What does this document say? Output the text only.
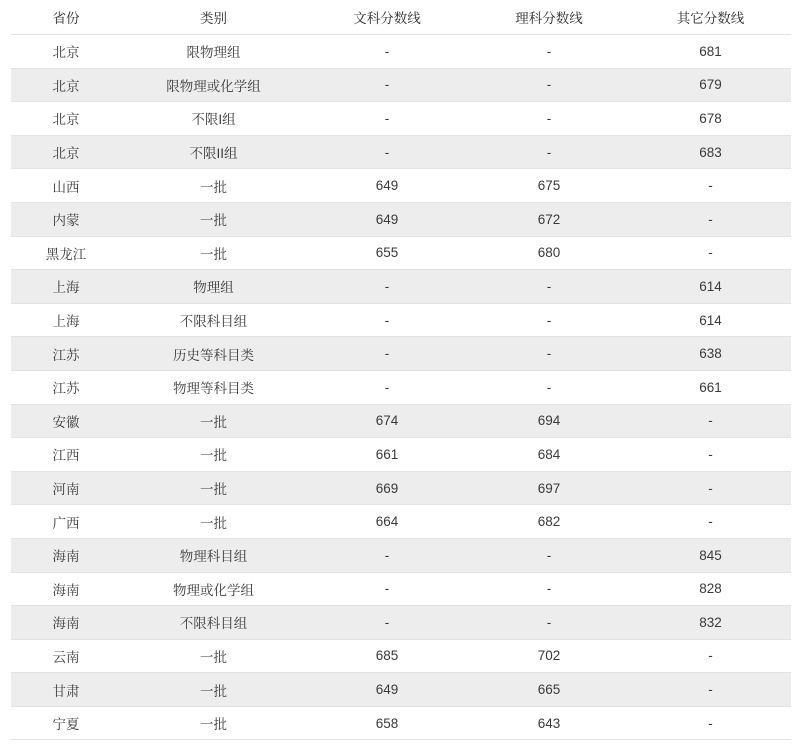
省份	类别	文科分数线	理科分数线	其它分数线
北京	限物理组	-	-	681
北京	限物理或化学组	-	-	679
北京	不限I组	-	-	678
北京	不限II组	-	-	683
山西	一批	649	675	-
内蒙	一批	649	672	-
黑龙江	一批	655	680	-
上海	物理组	-	-	614
上海	不限科目组	-	-	614
江苏	历史等科目类	-	-	638
江苏	物理等科目类	-	-	661
安徽	一批	674	694	-
江西	一批	661	684	-
河南	一批	669	697	-
广西	一批	664	682	-
海南	物理科目组	-	-	845
海南	物理或化学组	-	-	828
海南	不限科目组	-	-	832
云南	一批	685	702	-
甘肃	一批	649	665	-
宁夏	一批	658	643	-
